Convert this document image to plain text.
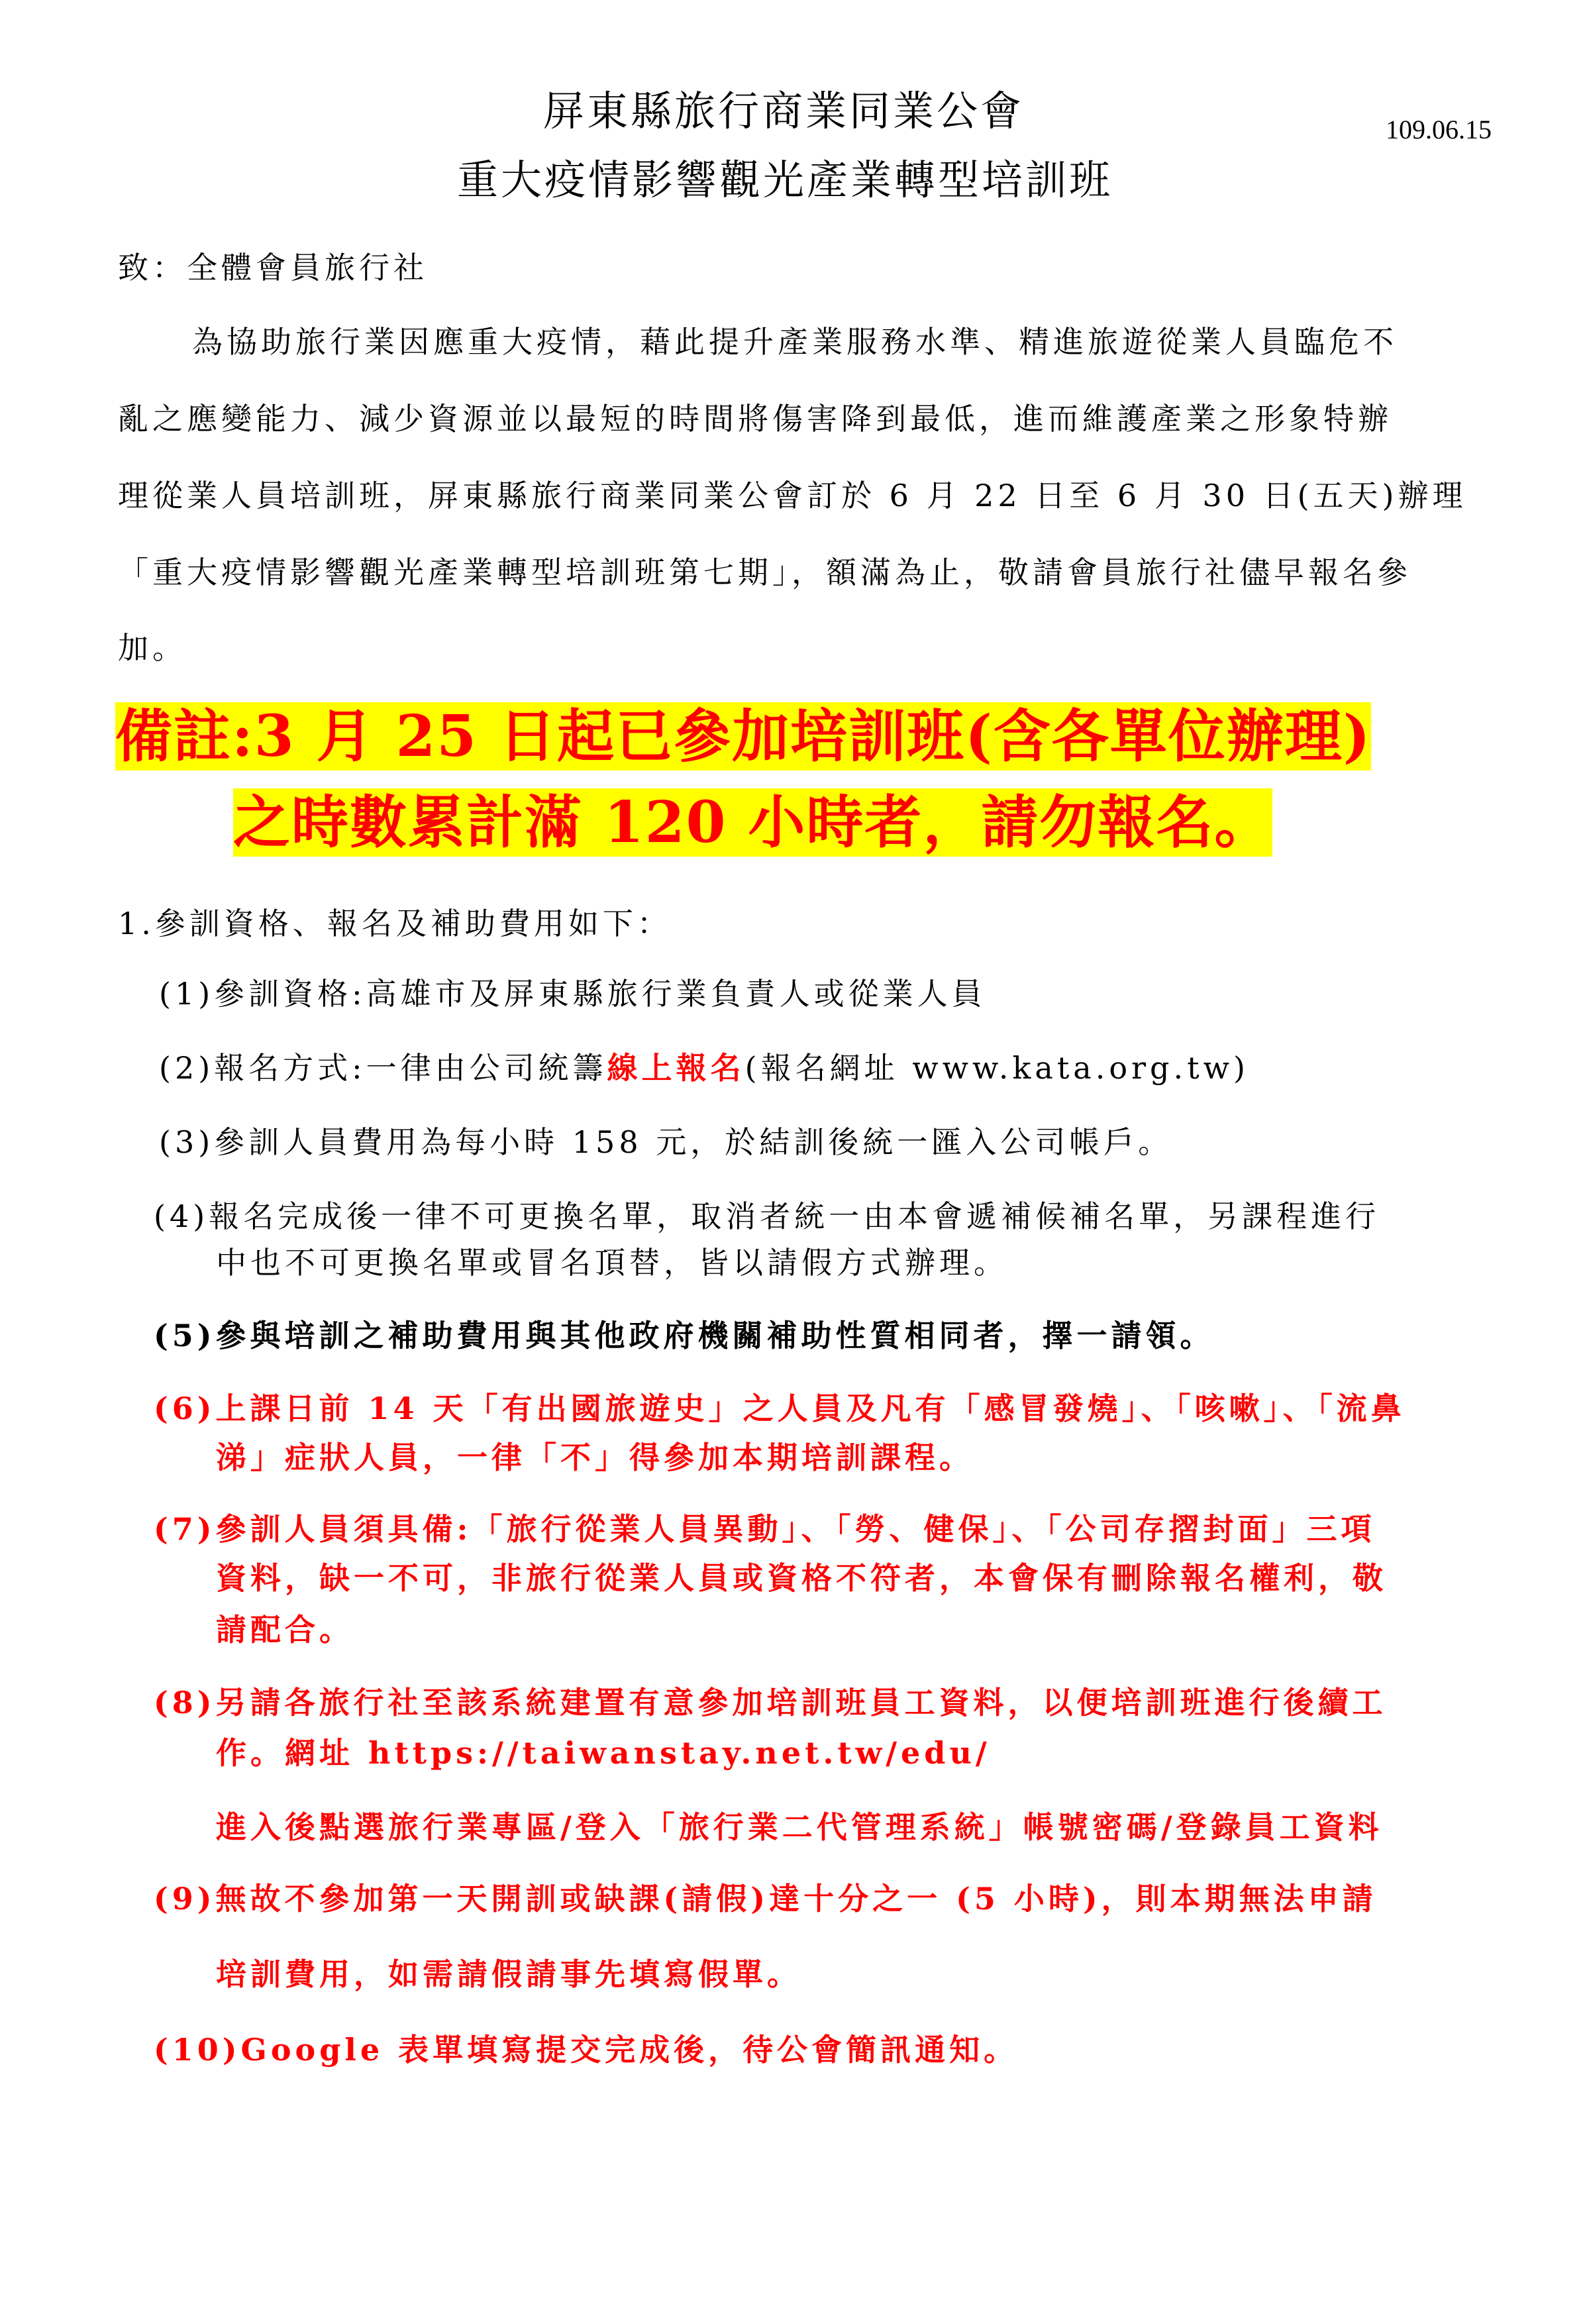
屏東縣旅行商業同業公會
重大疫情影響觀光產業轉型培訓班
109.06.15
致：全體會員旅行社
為協助旅行業因應重大疫情，藉此提升產業服務水準、精進旅遊從業人員臨危不
亂之應變能力、減少資源並以最短的時間將傷害降到最低，進而維護產業之形象特辦
理從業人員培訓班，屏東縣旅行商業同業公會訂於 6 月 22 日至 6 月 30 日(五天)辦理
「重大疫情影響觀光產業轉型培訓班第七期」，額滿為止，敬請會員旅行社儘早報名參
加。
備註:3 月 25 日起已參加培訓班(含各單位辦理)
之時數累計滿 120 小時者，請勿報名。
1.參訓資格、報名及補助費用如下：
(1)參訓資格:高雄市及屏東縣旅行業負責人或從業人員
(2)報名方式:一律由公司統籌線上報名(報名網址 www.kata.org.tw)
(3)參訓人員費用為每小時 158 元，於結訓後統一匯入公司帳戶。
(4)報名完成後一律不可更換名單，取消者統一由本會遞補候補名單，另課程進行
中也不可更換名單或冒名頂替，皆以請假方式辦理。
(5)參與培訓之補助費用與其他政府機關補助性質相同者，擇一請領。
(6)上課日前 14 天「有出國旅遊史」之人員及凡有「感冒發燒」、「咳嗽」、「流鼻
涕」症狀人員，一律「不」得參加本期培訓課程。
(7)參訓人員須具備:「旅行從業人員異動」、「勞、健保」、「公司存摺封面」三項
資料，缺一不可，非旅行從業人員或資格不符者，本會保有刪除報名權利，敬
請配合。
(8)另請各旅行社至該系統建置有意參加培訓班員工資料，以便培訓班進行後續工
作。網址 https://taiwanstay.net.tw/edu/
進入後點選旅行業專區/登入「旅行業二代管理系統」帳號密碼/登錄員工資料
(9)無故不參加第一天開訓或缺課(請假)達十分之一 (5 小時)，則本期無法申請
培訓費用，如需請假請事先填寫假單。
(10)Google 表單填寫提交完成後，待公會簡訊通知。
